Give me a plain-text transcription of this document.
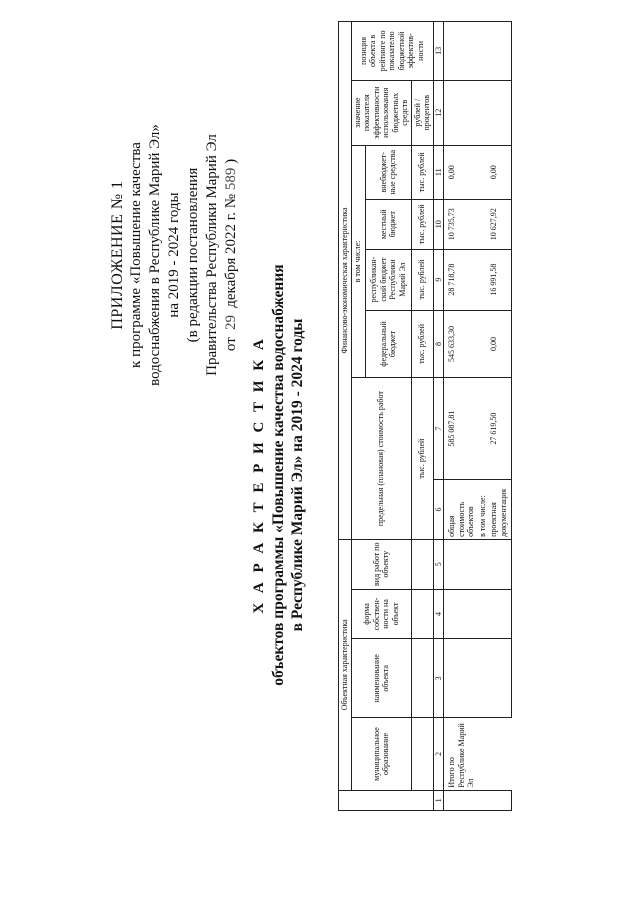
ПРИЛОЖЕНИЕ № 1 к программе «Повышение качества водоснабжения в Республике Марий Эл» на 2019 - 2024 годы (в редакции постановления Правительства Республики Марий Эл от 29 декабря 2022 г. № 589 )
Х А Р А К Т Е Р И С Т И К А объектов программы «Повышение качества водоснабжения в Республике Марий Эл» на 2019 - 2024 годы
	Объектная характеристика				Финансово-экономическая характеристика							
	муниципальное образование	наименование объекта	форма собствен-ности на объект	вид работ по объекту	предельная (плановая) стоимость работ		в том числе:				значение показателя эффективности использования бюджетных средств	позиция объекта в рейтинге по показателю бюджетной эффектив-ности
							федеральный бюджет	республикан-ский бюджет Республики Марий Эл	местный бюджет	внебюджет-ные средства		
					тыс. рублей		тыс. рублей	тыс. рублей	тыс. рублей	тыс. рублей	рублей / процентов	
1	2	3	4	5	6	7	8	9	10	11	12	13
	Итого по Республике Марий Эл				общая стоимость объектов	585 087,81	545 633,30	28 718,78	10 735,73	0,00		
					в том числе:							
					проектная документация	27 619,50	0,00	16 991,58	10 627,92	0,00		
